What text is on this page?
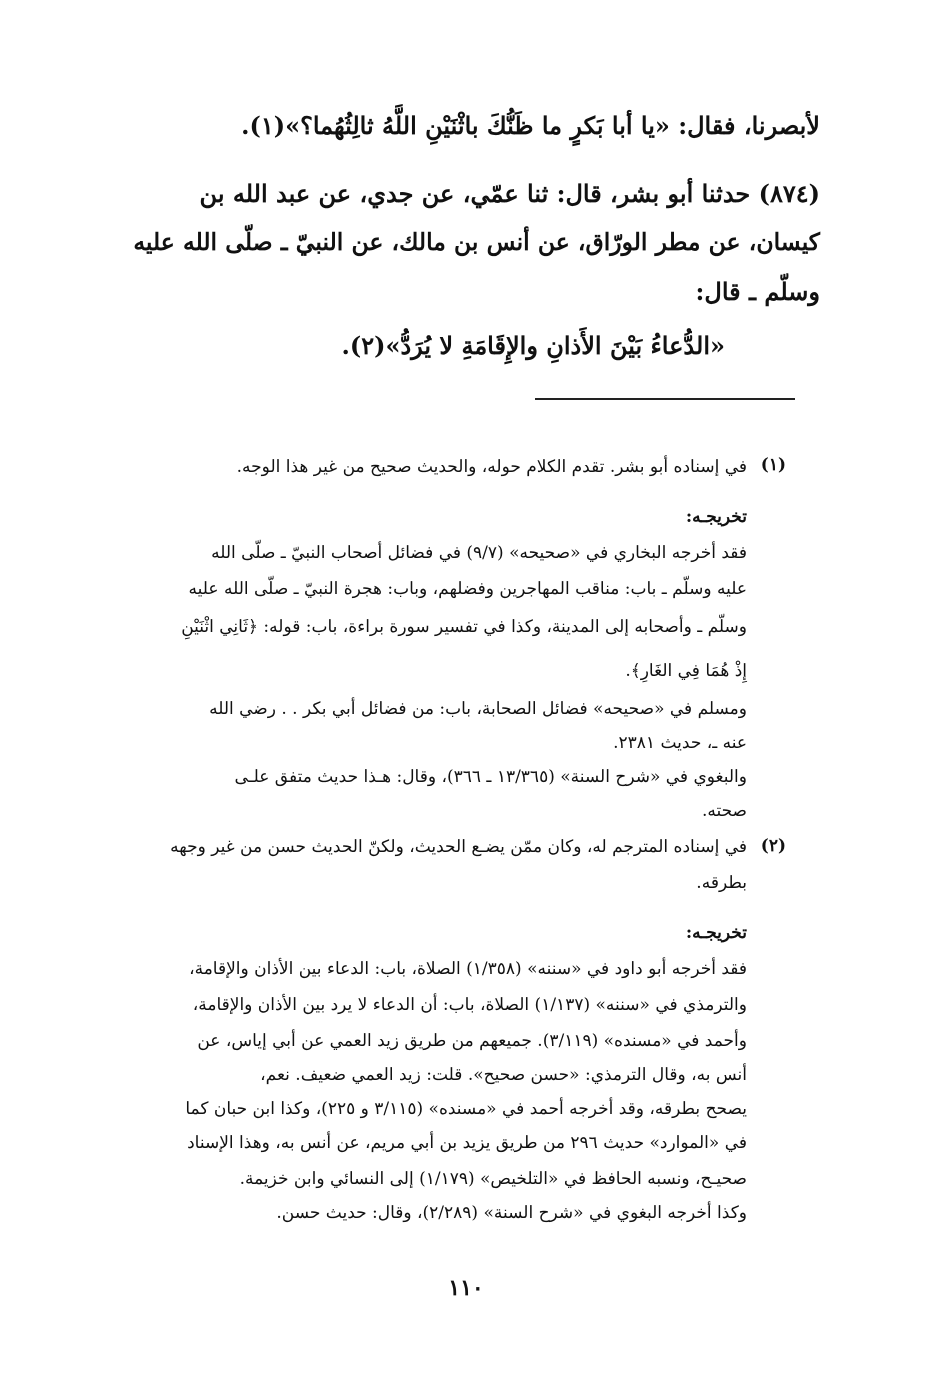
لأبصرنا، فقال: «يا أبا بَكرٍ ما ظَنُّكَ باثْنَيْنِ اللَّهُ ثالِثُهُما؟»(١).
(٨٧٤) حدثنا أبو بشر، قال: ثنا عمّي، عن جدي، عن عبد الله بن
كيسان، عن مطر الورّاق، عن أنس بن مالك، عن النبيّ ـ صلّى الله عليه
وسلّم ـ قال:
«الدُّعاءُ بَيْنَ الأَذانِ والإِقَامَةِ لا يُرَدُّ»(٢).
(١)
في إسناده أبو بشر. تقدم الكلام حوله، والحديث صحيح من غير هذا الوجه.
تخريجـه:
فقد أخرجه البخاري في «صحيحه» (٩/٧) في فضائل أصحاب النبيّ ـ صلّى الله
عليه وسلّم ـ باب: مناقب المهاجرين وفضلهم، وباب: هجرة النبيّ ـ صلّى الله عليه
وسلّم ـ وأصحابه إلى المدينة، وكذا في تفسير سورة براءة، باب: قوله: ﴿ثَانِي اثْنَيْنِ
إِذْ هُمَا فِي الغَارِ﴾.
ومسلم في «صحيحه» فضائل الصحابة، باب: من فضائل أبي بكر . . رضي الله
عنه ـ، حديث ٢٣٨١.
والبغوي في «شرح السنة» (١٣/٣٦٥ ـ ٣٦٦)، وقال: هـذا حديث متفق علـى
صحته.
(٢)
في إسناده المترجم له، وكان ممّن يضـع الحديث، ولكنّ الحديث حسن من غير وجهه
بطرقه.
تخريجـه:
فقد أخرجه أبو داود في «سننه» (١/٣٥٨) الصلاة، باب: الدعاء بين الأذان والإقامة،
والترمذي في «سننه» (١/١٣٧) الصلاة، باب: أن الدعاء لا يرد بين الأذان والإقامة،
وأحمد في «مسنده» (٣/١١٩). جميعهم من طريق زيد العمي عن أبي إياس، عن
أنس به، وقال الترمذي: «حسن صحيح». قلت: زيد العمي ضعيف. نعم،
يصحح بطرقه، وقد أخرجه أحمد في «مسنده» (٣/١١٥ و ٢٢٥)، وكذا ابن حبان كما
في «الموارد» حديث ٢٩٦ من طريق يزيد بن أبي مريم، عن أنس به، وهذا الإسناد
صحيـح، ونسبه الحافظ في «التلخيص» (١/١٧٩) إلى النسائي وابن خزيمة.
وكذا أخرجه البغوي في «شرح السنة» (٢/٢٨٩)، وقال: حديث حسن.
١١٠
